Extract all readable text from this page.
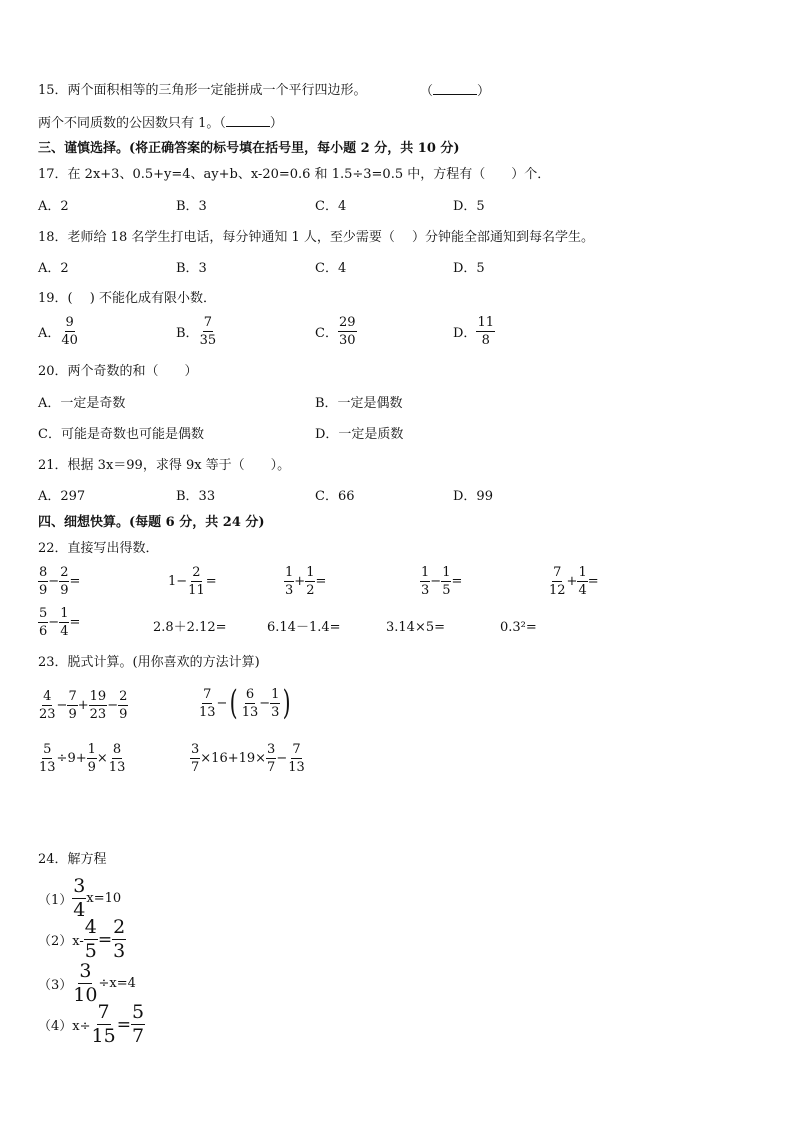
15．两个面积相等的三角形一定能拼成一个平行四边形。	（	）
两个不同质数的公因数只有 1。（	）
三、谨慎选择。(将正确答案的标号填在括号里，每小题 2 分，共 10 分)
17．在 2x+3、0.5+y=4、ay+b、x-20=0.6 和 1.5÷3=0.5 中，方程有（　　）个．
A．2	B．3	C．4	D．5
18．老师给 18 名学生打电话，每分钟通知 1 人，至少需要（　 ）分钟能全部通知到每名学生。
A．2	B．3	C．4	D．5
19．(　 ) 不能化成有限小数．
A． $\frac{9}{40}$	B． $\frac{7}{35}$	C． $\frac{29}{30}$	D． $\frac{11}{8}$
20．两个奇数的和（　　）
A．一定是奇数	B．一定是偶数
C．可能是奇数也可能是偶数	D．一定是质数
21．根据 3x＝99，求得 9x 等于（　　）。
A．297	B．33	C．66	D．99
四、细想快算。(每题 6 分，共 24 分)
22．直接写出得数．
$\frac{8}{9} - \frac{2}{9}$ =	$1- \frac{2}{11}$ =	$\frac{1}{3} + \frac{1}{2}$ =	$\frac{1}{3} - \frac{1}{5}$ =	$\frac{7}{12} + \frac{1}{4}$ =
$\frac{5}{6} - \frac{1}{4}$ =	2.8＋2.12=	6.14－1.4=	3.14×5=	0.3²=
23．脱式计算。(用你喜欢的方法计算)
$\frac{4}{23} - \frac{7}{9} + \frac{19}{23} - \frac{2}{9}$	$\frac{7}{13}$ − ( $\frac{6}{13} - \frac{1}{3}$ )
$\frac{5}{13} \div 9+ \frac{1}{9} \times \frac{8}{13}$	$\frac{3}{7} \times 16+19\times \frac{3}{7} - \frac{7}{13}$
24．解方程
$(1) \frac{3}{4} x=10$
$(2)x- \frac{4}{5} = \frac{2}{3}$
$(3) \frac{3}{10} \div x=4$
$(4)x\div \frac{7}{15} = \frac{5}{7}$
